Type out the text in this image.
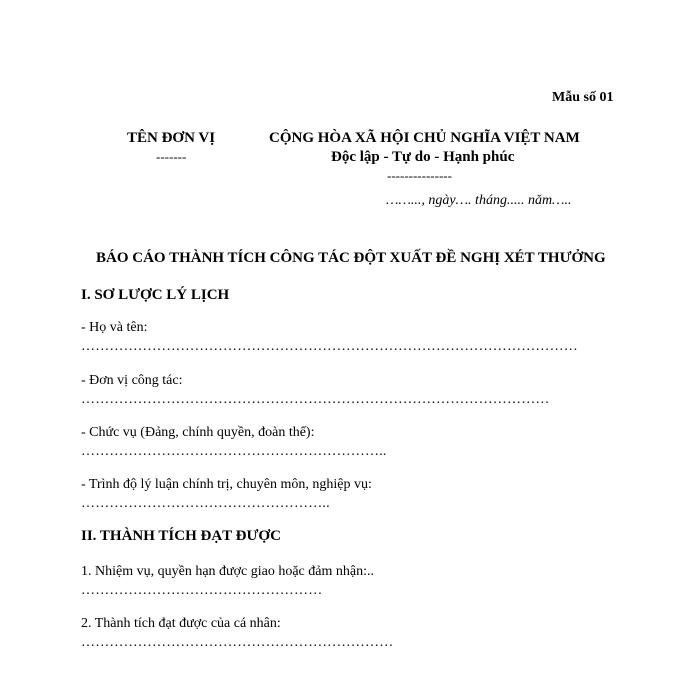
Mẫu số 01
TÊN ĐƠN VỊ
-------
CỘNG HÒA XÃ HỘI CHỦ NGHĨA VIỆT NAM
Độc lập - Tự do - Hạnh phúc
---------------
……..., ngày…. tháng..... năm…..
BÁO CÁO THÀNH TÍCH CÔNG TÁC ĐỘT XUẤT ĐỀ NGHỊ XÉT THƯỞNG
I. SƠ LƯỢC LÝ LỊCH
- Họ và tên:
……………………………………………………………………………………………
- Đơn vị công tác:
………………………………………………………………………………………
- Chức vụ (Đảng, chính quyền, đoàn thể):
………………………………………………………..
- Trình độ lý luận chính trị, chuyên môn, nghiệp vụ:
……………………………………………..
II. THÀNH TÍCH ĐẠT ĐƯỢC
1. Nhiệm vụ, quyền hạn được giao hoặc đảm nhận:..
……………………………………………
2. Thành tích đạt được của cá nhân:
…………………………………………………………
